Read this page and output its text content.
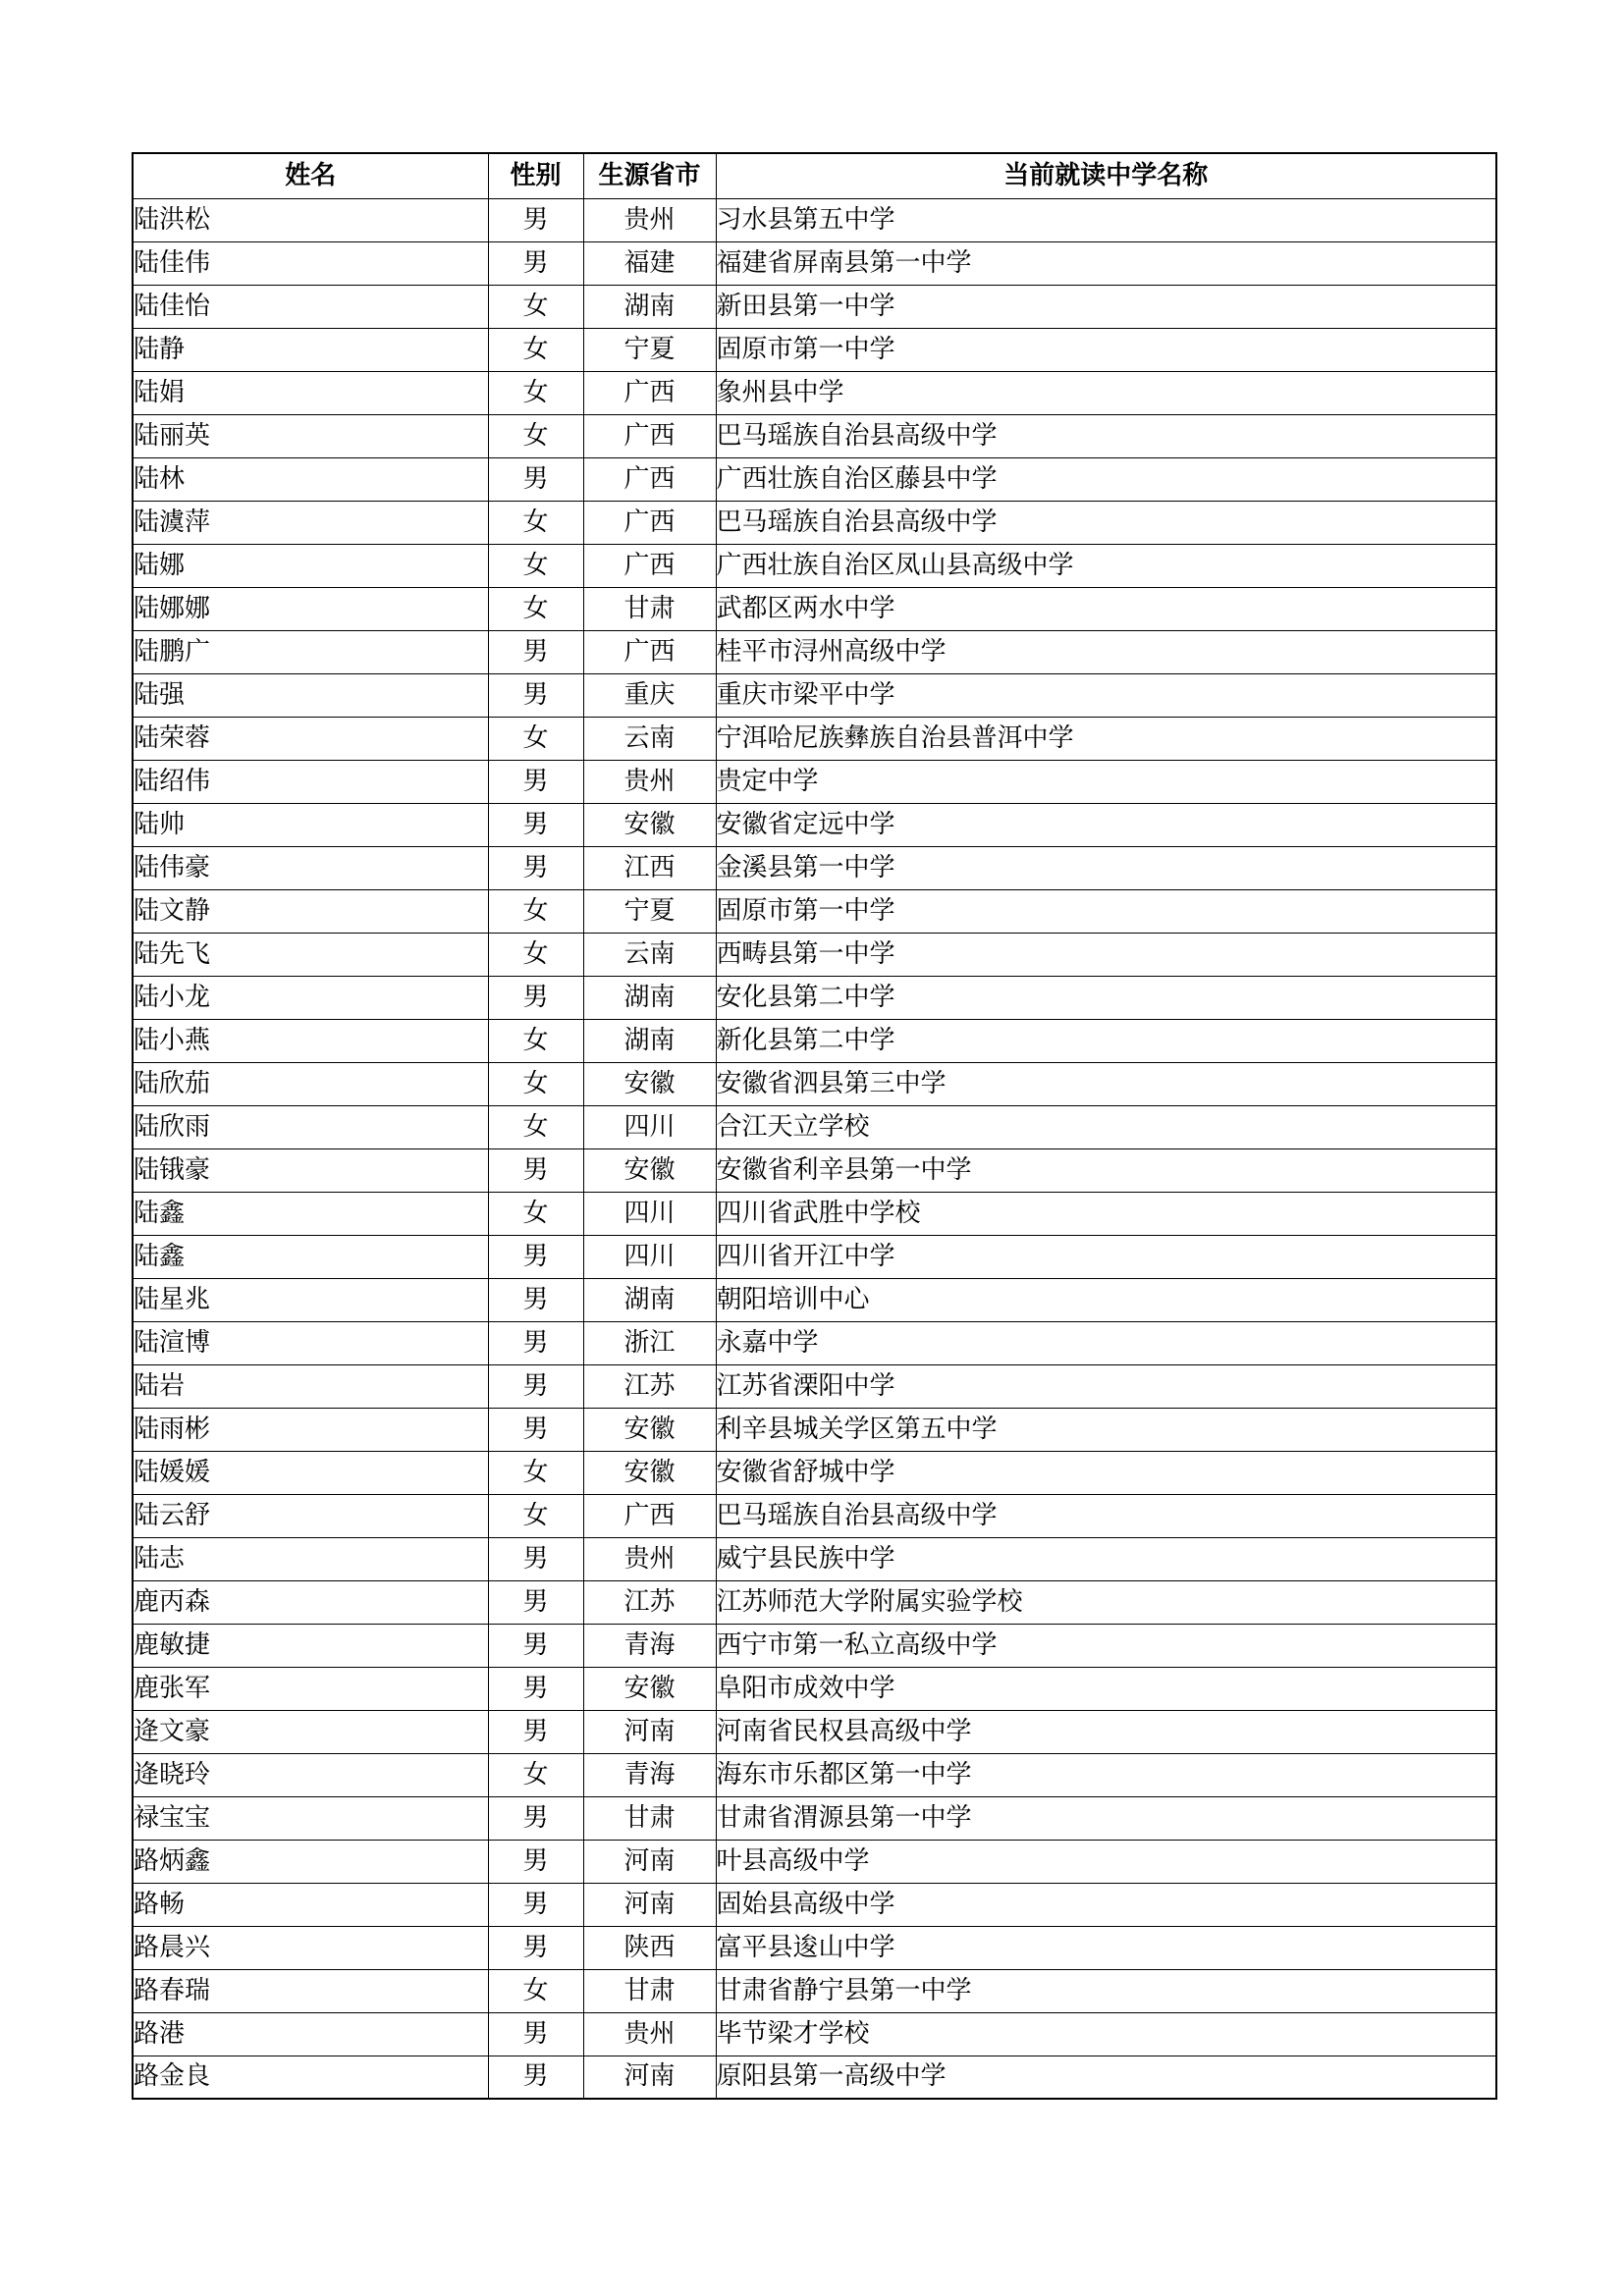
姓名	性别	生源省市	当前就读中学名称
陆洪松	男	贵州	习水县第五中学
陆佳伟	男	福建	福建省屏南县第一中学
陆佳怡	女	湖南	新田县第一中学
陆静	女	宁夏	固原市第一中学
陆娟	女	广西	象州县中学
陆丽英	女	广西	巴马瑶族自治县高级中学
陆林	男	广西	广西壮族自治区藤县中学
陆澞萍	女	广西	巴马瑶族自治县高级中学
陆娜	女	广西	广西壮族自治区凤山县高级中学
陆娜娜	女	甘肃	武都区两水中学
陆鹏广	男	广西	桂平市浔州高级中学
陆强	男	重庆	重庆市梁平中学
陆荣蓉	女	云南	宁洱哈尼族彝族自治县普洱中学
陆绍伟	男	贵州	贵定中学
陆帅	男	安徽	安徽省定远中学
陆伟豪	男	江西	金溪县第一中学
陆文静	女	宁夏	固原市第一中学
陆先飞	女	云南	西畴县第一中学
陆小龙	男	湖南	安化县第二中学
陆小燕	女	湖南	新化县第二中学
陆欣茄	女	安徽	安徽省泗县第三中学
陆欣雨	女	四川	合江天立学校
陆锇豪	男	安徽	安徽省利辛县第一中学
陆鑫	女	四川	四川省武胜中学校
陆鑫	男	四川	四川省开江中学
陆星兆	男	湖南	朝阳培训中心
陆渲博	男	浙江	永嘉中学
陆岩	男	江苏	江苏省溧阳中学
陆雨彬	男	安徽	利辛县城关学区第五中学
陆媛媛	女	安徽	安徽省舒城中学
陆云舒	女	广西	巴马瑶族自治县高级中学
陆志	男	贵州	威宁县民族中学
鹿丙森	男	江苏	江苏师范大学附属实验学校
鹿敏捷	男	青海	西宁市第一私立高级中学
鹿张军	男	安徽	阜阳市成效中学
逄文豪	男	河南	河南省民权县高级中学
逄晓玲	女	青海	海东市乐都区第一中学
禄宝宝	男	甘肃	甘肃省渭源县第一中学
路炳鑫	男	河南	叶县高级中学
路畅	男	河南	固始县高级中学
路晨兴	男	陕西	富平县逡山中学
路春瑞	女	甘肃	甘肃省静宁县第一中学
路港	男	贵州	毕节梁才学校
路金良	男	河南	原阳县第一高级中学
